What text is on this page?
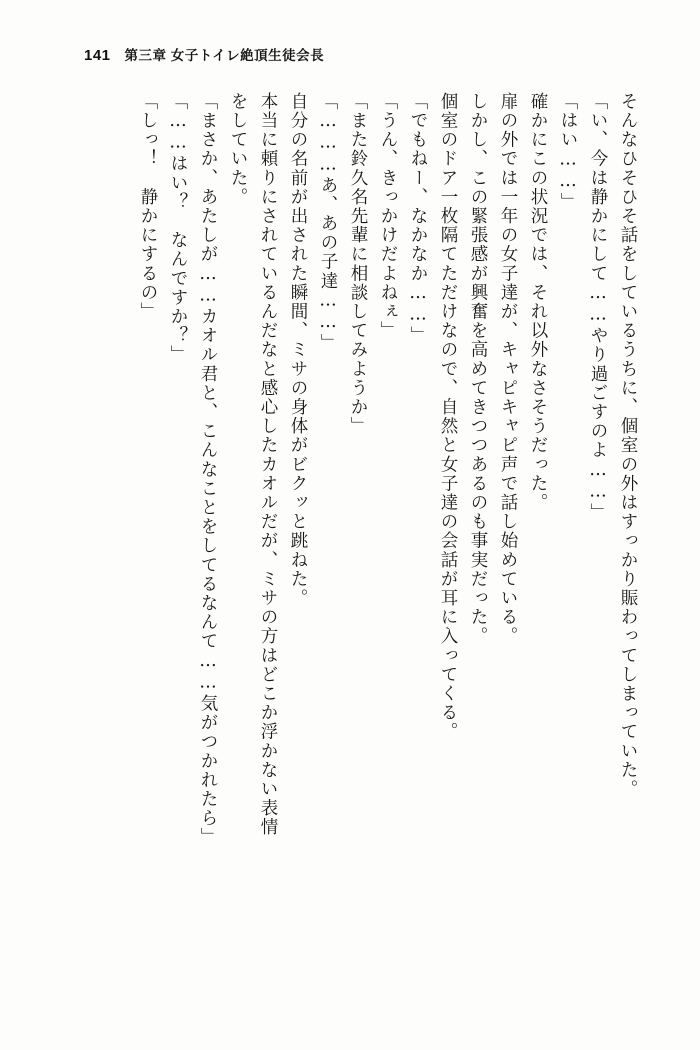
141 第三章 女子トイレ絶頂生徒会長
そんなひそひそ話をしているうちに、個室の外はすっかり賑わってしまっていた。
「い、今は静かにして……やり過ごすのよ……」
「はい……」
確かにこの状況では、それ以外なさそうだった。
扉の外では一年の女子達が、キャピキャピ声で話し始めている。
しかし、この緊張感が興奮を高めてきつつあるのも事実だった。
個室のドア一枚隔てただけなので、自然と女子達の会話が耳に入ってくる。
「でもねー、なかなか……」
「うん、きっかけだよねぇ」
「また鈴久名先輩に相談してみようか」
「………あ、あの子達……」
自分の名前が出された瞬間、ミサの身体がビクッと跳ねた。
本当に頼りにされているんだなと感心したカオルだが、ミサの方はどこか浮かない表情
をしていた。
「まさか、あたしが……カオル君と、こんなことをしてるなんて……気がつかれたら」
「……はい？　なんですか？」
「しっ！　静かにするの」
